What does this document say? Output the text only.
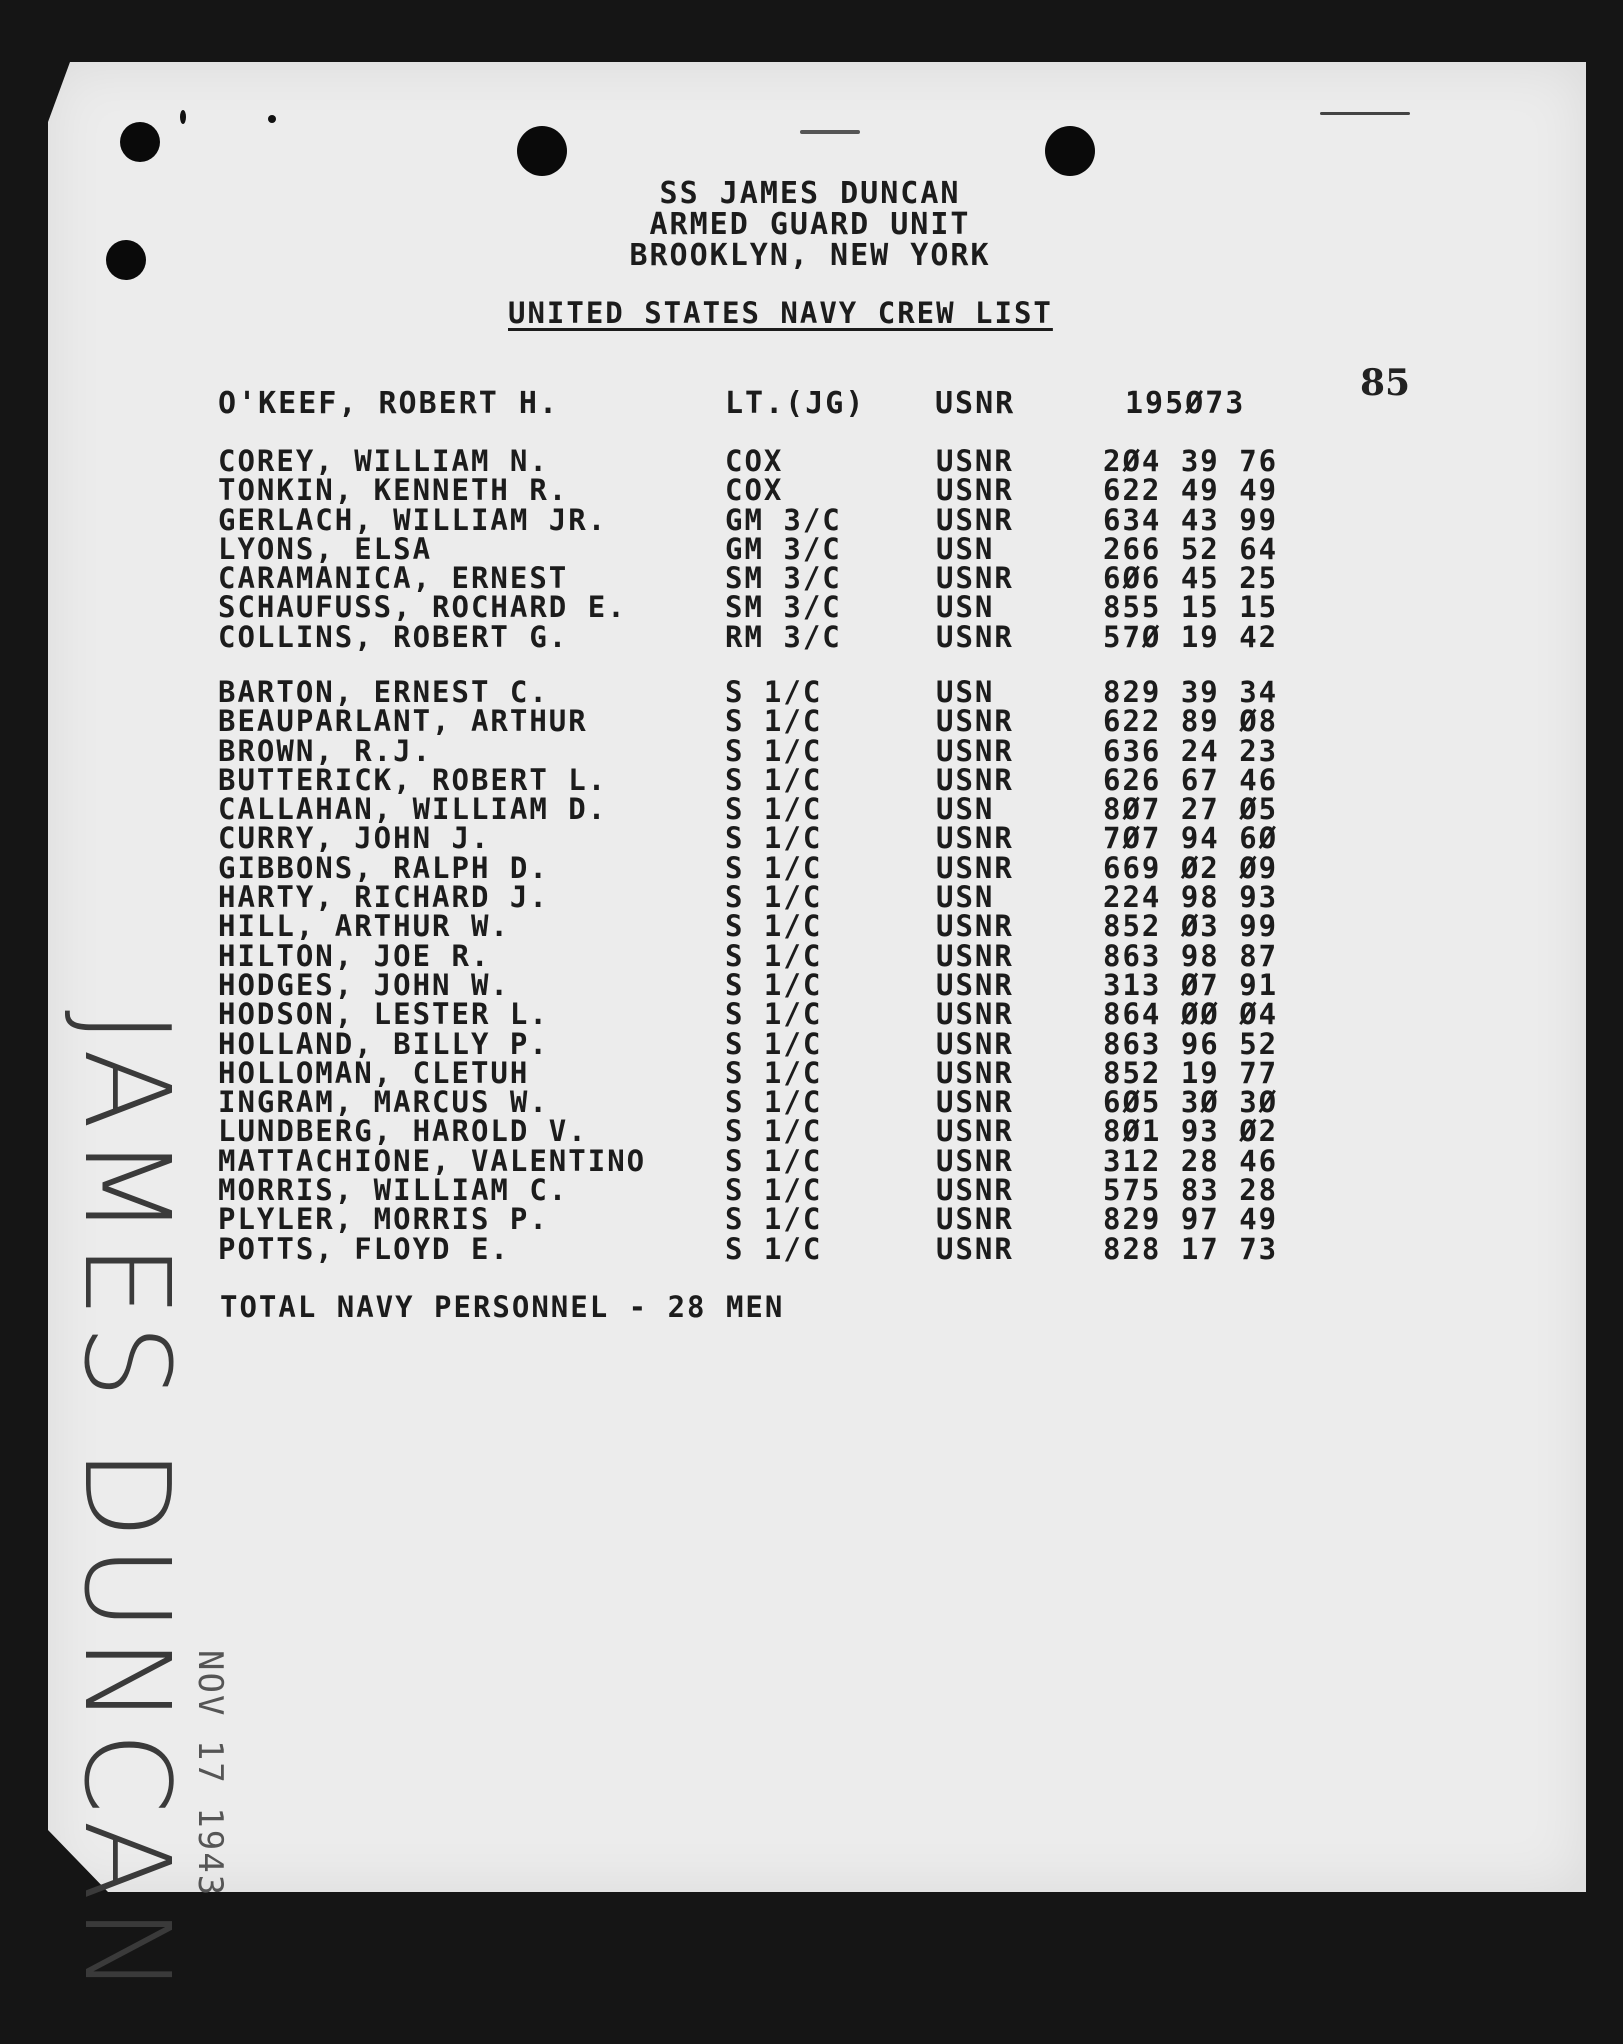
SS JAMES DUNCAN
ARMED GUARD UNIT
BROOKLYN, NEW YORK
UNITED STATES NAVY CREW LIST
85
O'KEEF, ROBERT H.	LT.(JG) USNR	195Ø73
COREY, WILLIAM N.	COX	USNR	2Ø4 39 76
TONKIN, KENNETH R.	COX	USNR	622 49 49
GERLACH, WILLIAM JR.	GM 3/C	USNR	634 43 99
LYONS, ELSA	GM 3/C	USN	266 52 64
CARAMANICA, ERNEST	SM 3/C	USNR	6Ø6 45 25
SCHAUFUSS, ROCHARD E.	SM 3/C	USN	855 15 15
COLLINS, ROBERT G.	RM 3/C	USNR	57Ø 19 42
BARTON, ERNEST C.	S 1/C	USN	829 39 34
BEAUPARLANT, ARTHUR	S 1/C	USNR	622 89 Ø8
BROWN, R.J.	S 1/C	USNR	636 24 23
BUTTERICK, ROBERT L.	S 1/C	USNR	626 67 46
CALLAHAN, WILLIAM D.	S 1/C	USN	8Ø7 27 Ø5
CURRY, JOHN J.	S 1/C	USNR	7Ø7 94 6Ø
GIBBONS, RALPH D.	S 1/C	USNR	669 Ø2 Ø9
HARTY, RICHARD J.	S 1/C	USN	224 98 93
HILL, ARTHUR W.	S 1/C	USNR	852 Ø3 99
HILTON, JOE R.	S 1/C	USNR	863 98 87
HODGES, JOHN W.	S 1/C	USNR	313 Ø7 91
HODSON, LESTER L.	S 1/C	USNR	864 ØØ Ø4
HOLLAND, BILLY P.	S 1/C	USNR	863 96 52
HOLLOMAN, CLETUH	S 1/C	USNR	852 19 77
INGRAM, MARCUS W.	S 1/C	USNR	6Ø5 3Ø 3Ø
LUNDBERG, HAROLD V.	S 1/C	USNR	8Ø1 93 Ø2
MATTACHIONE, VALENTINO	S 1/C	USNR	312 28 46
MORRIS, WILLIAM C.	S 1/C	USNR	575 83 28
PLYLER, MORRIS P.	S 1/C	USNR	829 97 49
POTTS, FLOYD E.	S 1/C	USNR	828 17 73
TOTAL NAVY PERSONNEL - 28 MEN
JAMES DUNCAN
NOV 17 1943
